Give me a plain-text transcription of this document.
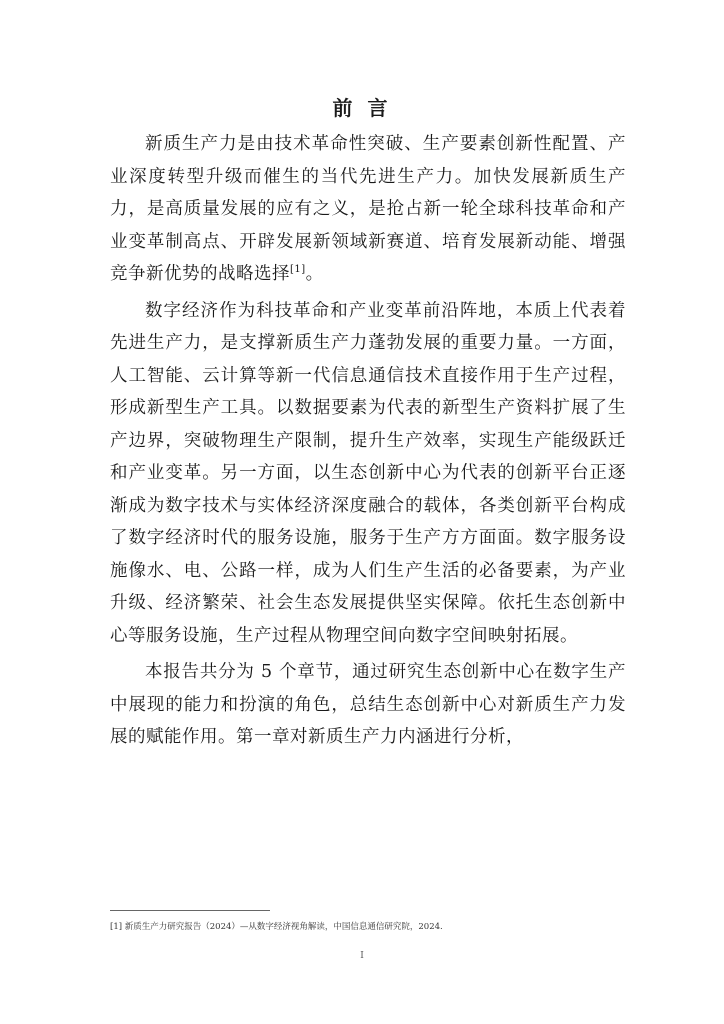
前 言

新质生产力是由技术革命性突破、生产要素创新性配置、产业深度转型升级而催生的当代先进生产力。加快发展新质生产力，是高质量发展的应有之义，是抢占新一轮全球科技革命和产业变革制高点、开辟发展新领域新赛道、培育发展新动能、增强竞争新优势的战略选择[1]。

数字经济作为科技革命和产业变革前沿阵地，本质上代表着先进生产力，是支撑新质生产力蓬勃发展的重要力量。一方面，人工智能、云计算等新一代信息通信技术直接作用于生产过程，形成新型生产工具。以数据要素为代表的新型生产资料扩展了生产边界，突破物理生产限制，提升生产效率，实现生产能级跃迁和产业变革。另一方面，以生态创新中心为代表的创新平台正逐渐成为数字技术与实体经济深度融合的载体，各类创新平台构成了数字经济时代的服务设施，服务于生产方方面面。数字服务设施像水、电、公路一样，成为人们生产生活的必备要素，为产业升级、经济繁荣、社会生态发展提供坚实保障。依托生态创新中心等服务设施，生产过程从物理空间向数字空间映射拓展。

本报告共分为 5 个章节，通过研究生态创新中心在数字生产中展现的能力和扮演的角色，总结生态创新中心对新质生产力发展的赋能作用。第一章对新质生产力内涵进行分析，

[1] 新质生产力研究报告（2024）—从数字经济视角解读，中国信息通信研究院，2024.
I
